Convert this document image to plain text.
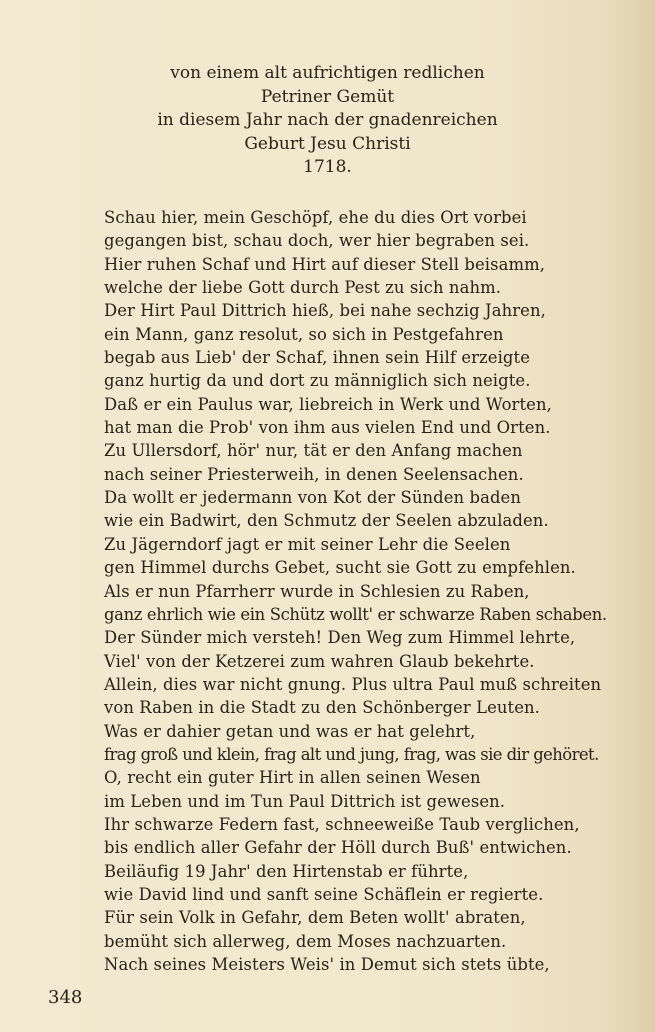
von einem alt aufrichtigen redlichen
Petriner Gemüt
in diesem Jahr nach der gnadenreichen
Geburt Jesu Christi
1718.
Schau hier, mein Geschöpf, ehe du dies Ort vorbei
gegangen bist, schau doch, wer hier begraben sei.
Hier ruhen Schaf und Hirt auf dieser Stell beisamm,
welche der liebe Gott durch Pest zu sich nahm.
Der Hirt Paul Dittrich hieß, bei nahe sechzig Jahren,
ein Mann, ganz resolut, so sich in Pestgefahren
begab aus Lieb' der Schaf, ihnen sein Hilf erzeigte
ganz hurtig da und dort zu männiglich sich neigte.
Daß er ein Paulus war, liebreich in Werk und Worten,
hat man die Prob' von ihm aus vielen End und Orten.
Zu Ullersdorf, hör' nur, tät er den Anfang machen
nach seiner Priesterweih, in denen Seelensachen.
Da wollt er jedermann von Kot der Sünden baden
wie ein Badwirt, den Schmutz der Seelen abzuladen.
Zu Jägerndorf jagt er mit seiner Lehr die Seelen
gen Himmel durchs Gebet, sucht sie Gott zu empfehlen.
Als er nun Pfarrherr wurde in Schlesien zu Raben,
ganz ehrlich wie ein Schütz wollt' er schwarze Raben schaben.
Der Sünder mich versteh! Den Weg zum Himmel lehrte,
Viel' von der Ketzerei zum wahren Glaub bekehrte.
Allein, dies war nicht gnung. Plus ultra Paul muß schreiten
von Raben in die Stadt zu den Schönberger Leuten.
Was er dahier getan und was er hat gelehrt,
frag groß und klein, frag alt und jung, frag, was sie dir gehöret.
O, recht ein guter Hirt in allen seinen Wesen
im Leben und im Tun Paul Dittrich ist gewesen.
Ihr schwarze Federn fast, schneeweiße Taub verglichen,
bis endlich aller Gefahr der Höll durch Buß' entwichen.
Beiläufig 19 Jahr' den Hirtenstab er führte,
wie David lind und sanft seine Schäflein er regierte.
Für sein Volk in Gefahr, dem Beten wollt' abraten,
bemüht sich allerweg, dem Moses nachzuarten.
Nach seines Meisters Weis' in Demut sich stets übte,
348
